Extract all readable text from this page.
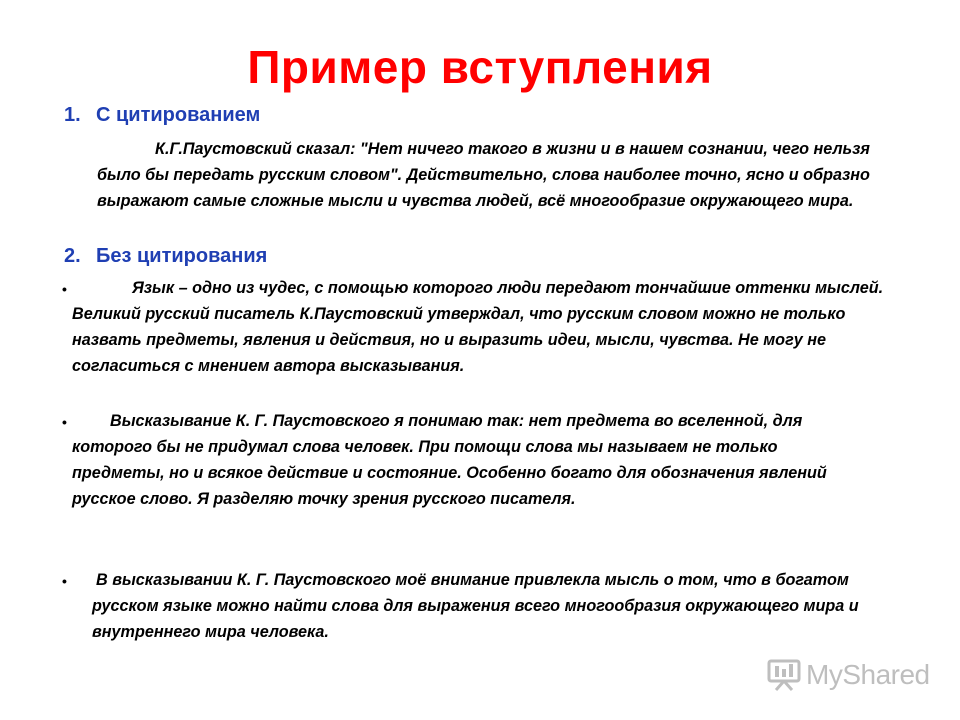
Пример вступления
1. С цитированием
К.Г.Паустовский сказал: "Нет ничего такого в жизни и в нашем сознании, чего нельзя было бы передать русским словом". Действительно, слова наиболее точно, ясно и образно выражают самые сложные мысли и чувства людей, всё многообразие окружающего мира.
2. Без цитирования
•	Язык – одно из чудес, с помощью которого люди передают тончайшие оттенки мыслей. Великий русский писатель К.Паустовский утверждал, что русским словом можно не только назвать предметы, явления и действия, но и выразить идеи, мысли, чувства. Не могу не согласиться с мнением автора высказывания.
•	Высказывание К. Г. Паустовского я понимаю так: нет предмета во вселенной, для которого бы не придумал слова человек. При помощи слова мы называем не только предметы, но и всякое действие и состояние. Особенно богато для обозначения явлений русское слово. Я разделяю точку зрения русского писателя.
• В высказывании К. Г. Паустовского моё внимание привлекла мысль о том, что в богатом русском языке можно найти слова для выражения всего многообразия окружающего мира и внутреннего мира человека.
MyShared
